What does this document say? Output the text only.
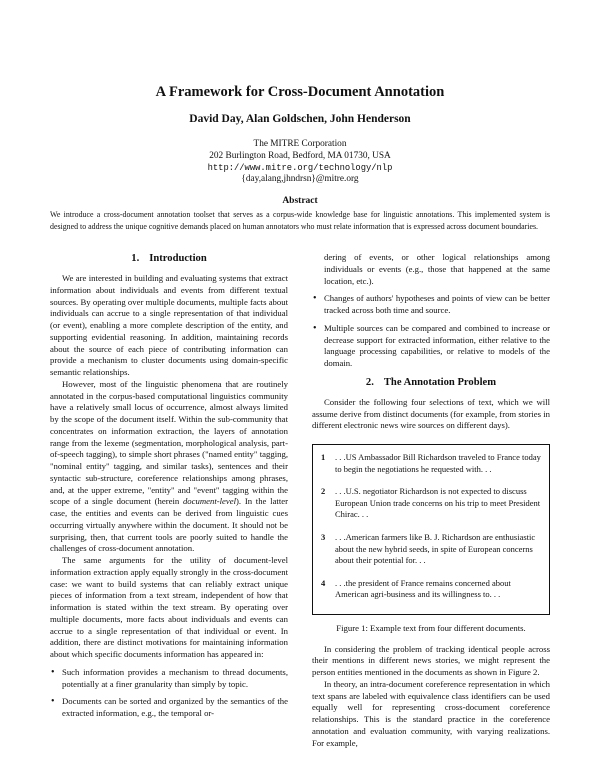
A Framework for Cross-Document Annotation
David Day, Alan Goldschen, John Henderson
The MITRE Corporation
202 Burlington Road, Bedford, MA 01730, USA
http://www.mitre.org/technology/nlp
{day,alang,jhndrsn}@mitre.org
Abstract
We introduce a cross-document annotation toolset that serves as a corpus-wide knowledge base for linguistic annotations. This implemented system is designed to address the unique cognitive demands placed on human annotators who must relate information that is expressed across document boundaries.
1. Introduction

We are interested in building and evaluating systems that extract information about individuals and events from different textual sources. By operating over multiple documents, multiple facts about individuals can accrue to a single representation of that individual (or event), enabling a more complete description of the entity, and supporting evidential reasoning. In addition, maintaining records about the source of each piece of contributing information can provide a mechanism to cluster documents using domain-specific semantic relationships.

However, most of the linguistic phenomena that are routinely annotated in the corpus-based computational linguistics community have a relatively small locus of occurrence, almost always limited by the scope of the document itself. Within the sub-community that concentrates on information extraction, the layers of annotation range from the lexeme (segmentation, morphological analysis, part-of-speech tagging), to simple short phrases ("named entity" tagging, "nominal entity" tagging, and similar tasks), sentences and their syntactic sub-structure, coreference relationships among phrases, and, at the upper extreme, "entity" and "event" tagging within the scope of a single document (herein document-level). In the latter case, the entities and events can be derived from linguistic cues occurring virtually anywhere within the document. It should not be surprising, then, that current tools are poorly suited to handle the challenges of cross-document annotation.

The same arguments for the utility of document-level information extraction apply equally strongly in the cross-document case: we want to build systems that can reliably extract unique pieces of information from a text stream, independent of how that information is stated within the text stream. By operating over multiple documents, more facts about individuals and events can accrue to a single representation of that individual or event. In addition, there are distinct motivations for maintaining information about which specific documents information has appeared in:

• Such information provides a mechanism to thread documents, potentially at a finer granularity than simply by topic.
• Documents can be sorted and organized by the semantics of the extracted information, e.g., the temporal or-
dering of events, or other logical relationships among individuals or events (e.g., those that happened at the same location, etc.).
• Changes of authors' hypotheses and points of view can be better tracked across both time and source.
• Multiple sources can be compared and combined to increase or decrease support for extracted information, either relative to the language processing capabilities, or relative to models of the domain.
2. The Annotation Problem

Consider the following four selections of text, which we will assume derive from distinct documents (for example, from stories in different electronic news wire sources on different days).

1 . . .US Ambassador Bill Richardson traveled to France today to begin the negotiations he requested with. . .
2 . . .U.S. negotiator Richardson is not expected to discuss European Union trade concerns on his trip to meet President Chirac. . .
3 . . .American farmers like B. J. Richardson are enthusiastic about the new hybrid seeds, in spite of European concerns about their potential for. . .
4 . . .the president of France remains concerned about American agri-business and its willingness to. . .
Figure 1: Example text from four different documents.

In considering the problem of tracking identical people across their mentions in different news stories, we might represent the person entities mentioned in the documents as shown in Figure 2.

In theory, an intra-document coreference representation in which text spans are labeled with equivalence class identifiers can be used equally well for representing cross-document coreference relationships. This is the standard practice in the coreference annotation and evaluation community, with varying realizations. For example,
